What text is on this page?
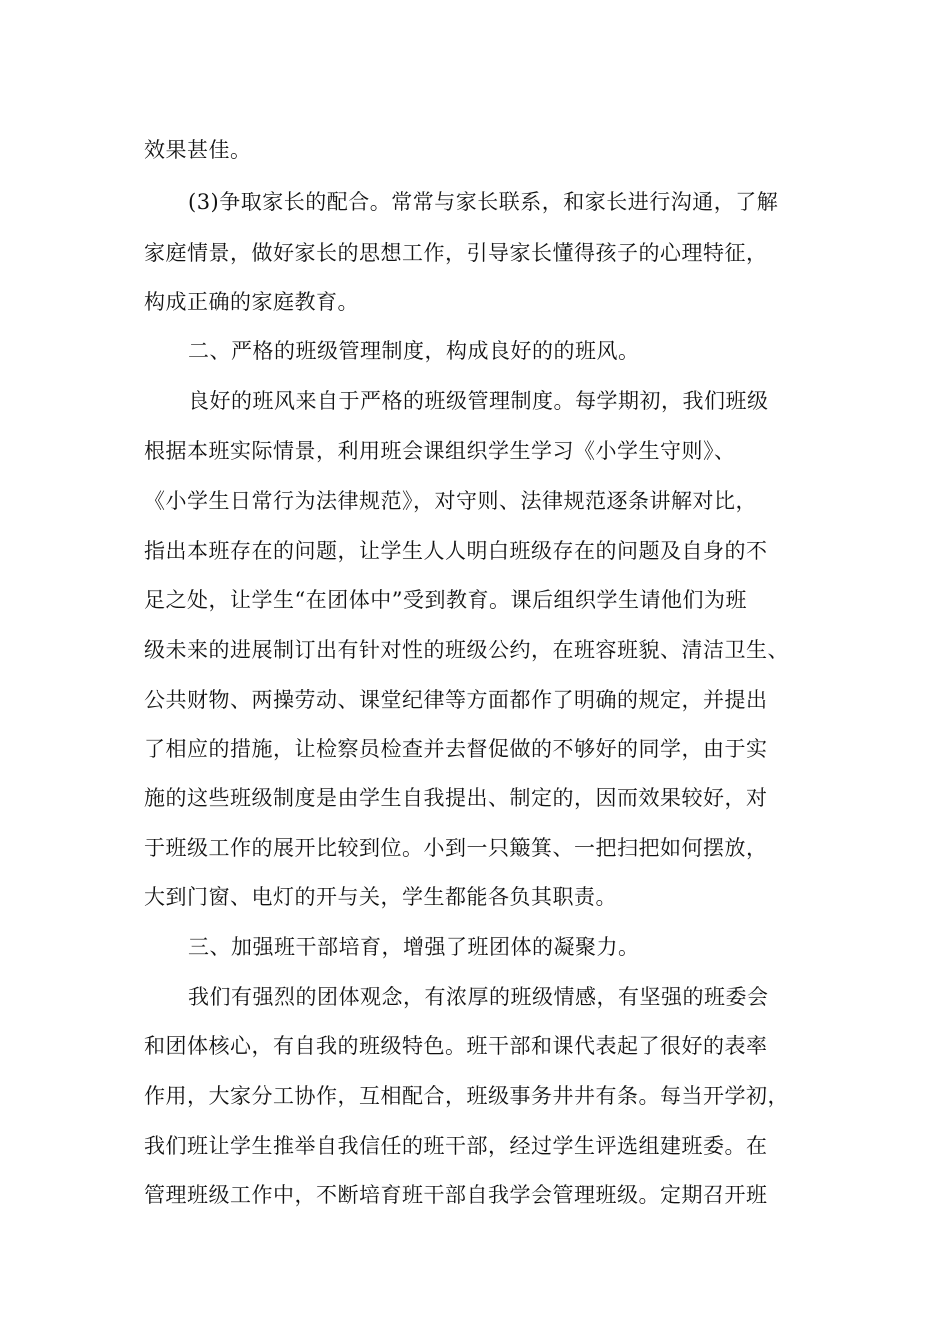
效果甚佳。
(3)争取家长的配合。常常与家长联系，和家长进行沟通，了解
家庭情景，做好家长的思想工作，引导家长懂得孩子的心理特征，
构成正确的家庭教育。
二、严格的班级管理制度，构成良好的的班风。
良好的班风来自于严格的班级管理制度。每学期初，我们班级
根据本班实际情景，利用班会课组织学生学习《小学生守则》、
《小学生日常行为法律规范》，对守则、法律规范逐条讲解对比，
指出本班存在的问题，让学生人人明白班级存在的问题及自身的不
足之处，让学生“在团体中”受到教育。课后组织学生请他们为班
级未来的进展制订出有针对性的班级公约，在班容班貌、清洁卫生、
公共财物、两操劳动、课堂纪律等方面都作了明确的规定，并提出
了相应的措施，让检察员检查并去督促做的不够好的同学，由于实
施的这些班级制度是由学生自我提出、制定的，因而效果较好，对
于班级工作的展开比较到位。小到一只簸箕、一把扫把如何摆放，
大到门窗、电灯的开与关，学生都能各负其职责。
三、加强班干部培育，增强了班团体的凝聚力。
我们有强烈的团体观念，有浓厚的班级情感，有坚强的班委会
和团体核心，有自我的班级特色。班干部和课代表起了很好的表率
作用，大家分工协作，互相配合，班级事务井井有条。每当开学初，
我们班让学生推举自我信任的班干部，经过学生评选组建班委。在
管理班级工作中，不断培育班干部自我学会管理班级。定期召开班
